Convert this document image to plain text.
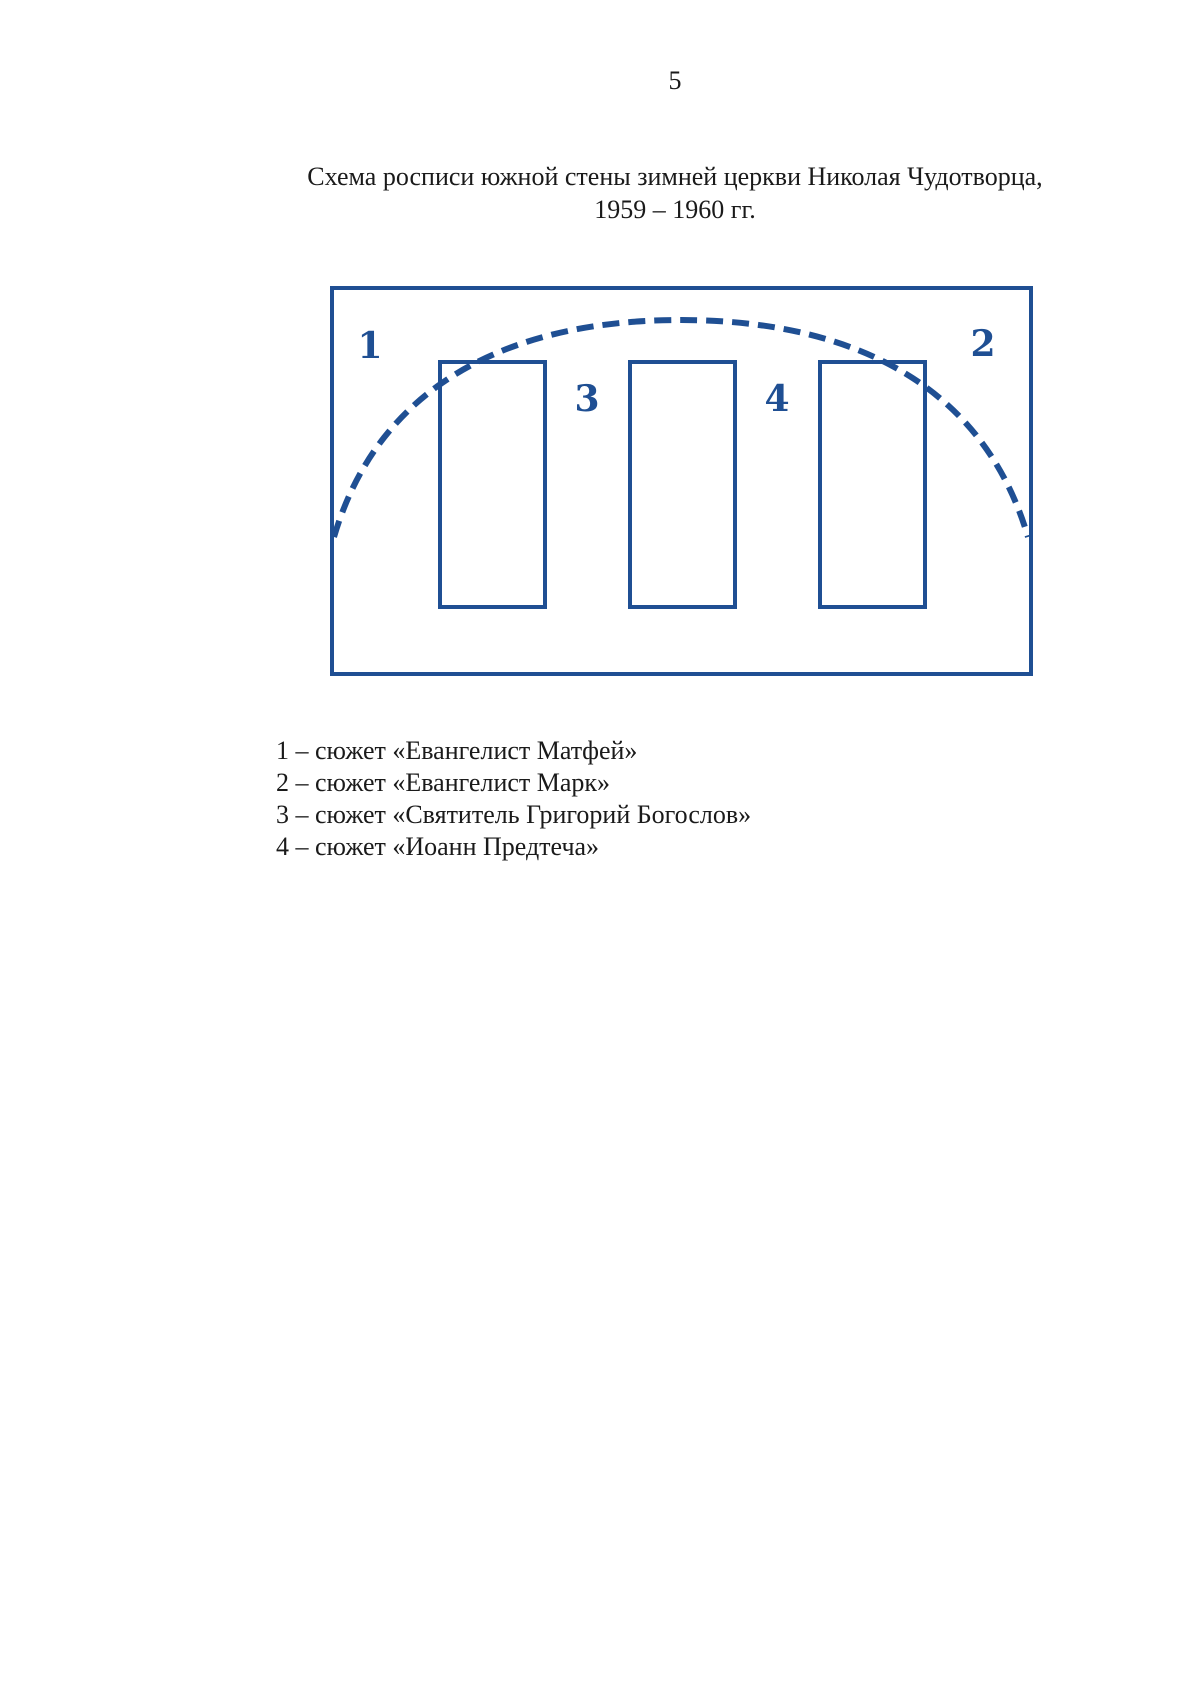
5
Схема росписи южной стены зимней церкви Николая Чудотворца,
1959 – 1960 гг.
1	2
3	4
1 – сюжет «Евангелист Матфей»
2 – сюжет «Евангелист Марк»
3 – сюжет «Святитель Григорий Богослов»
4 – сюжет «Иоанн Предтеча»
